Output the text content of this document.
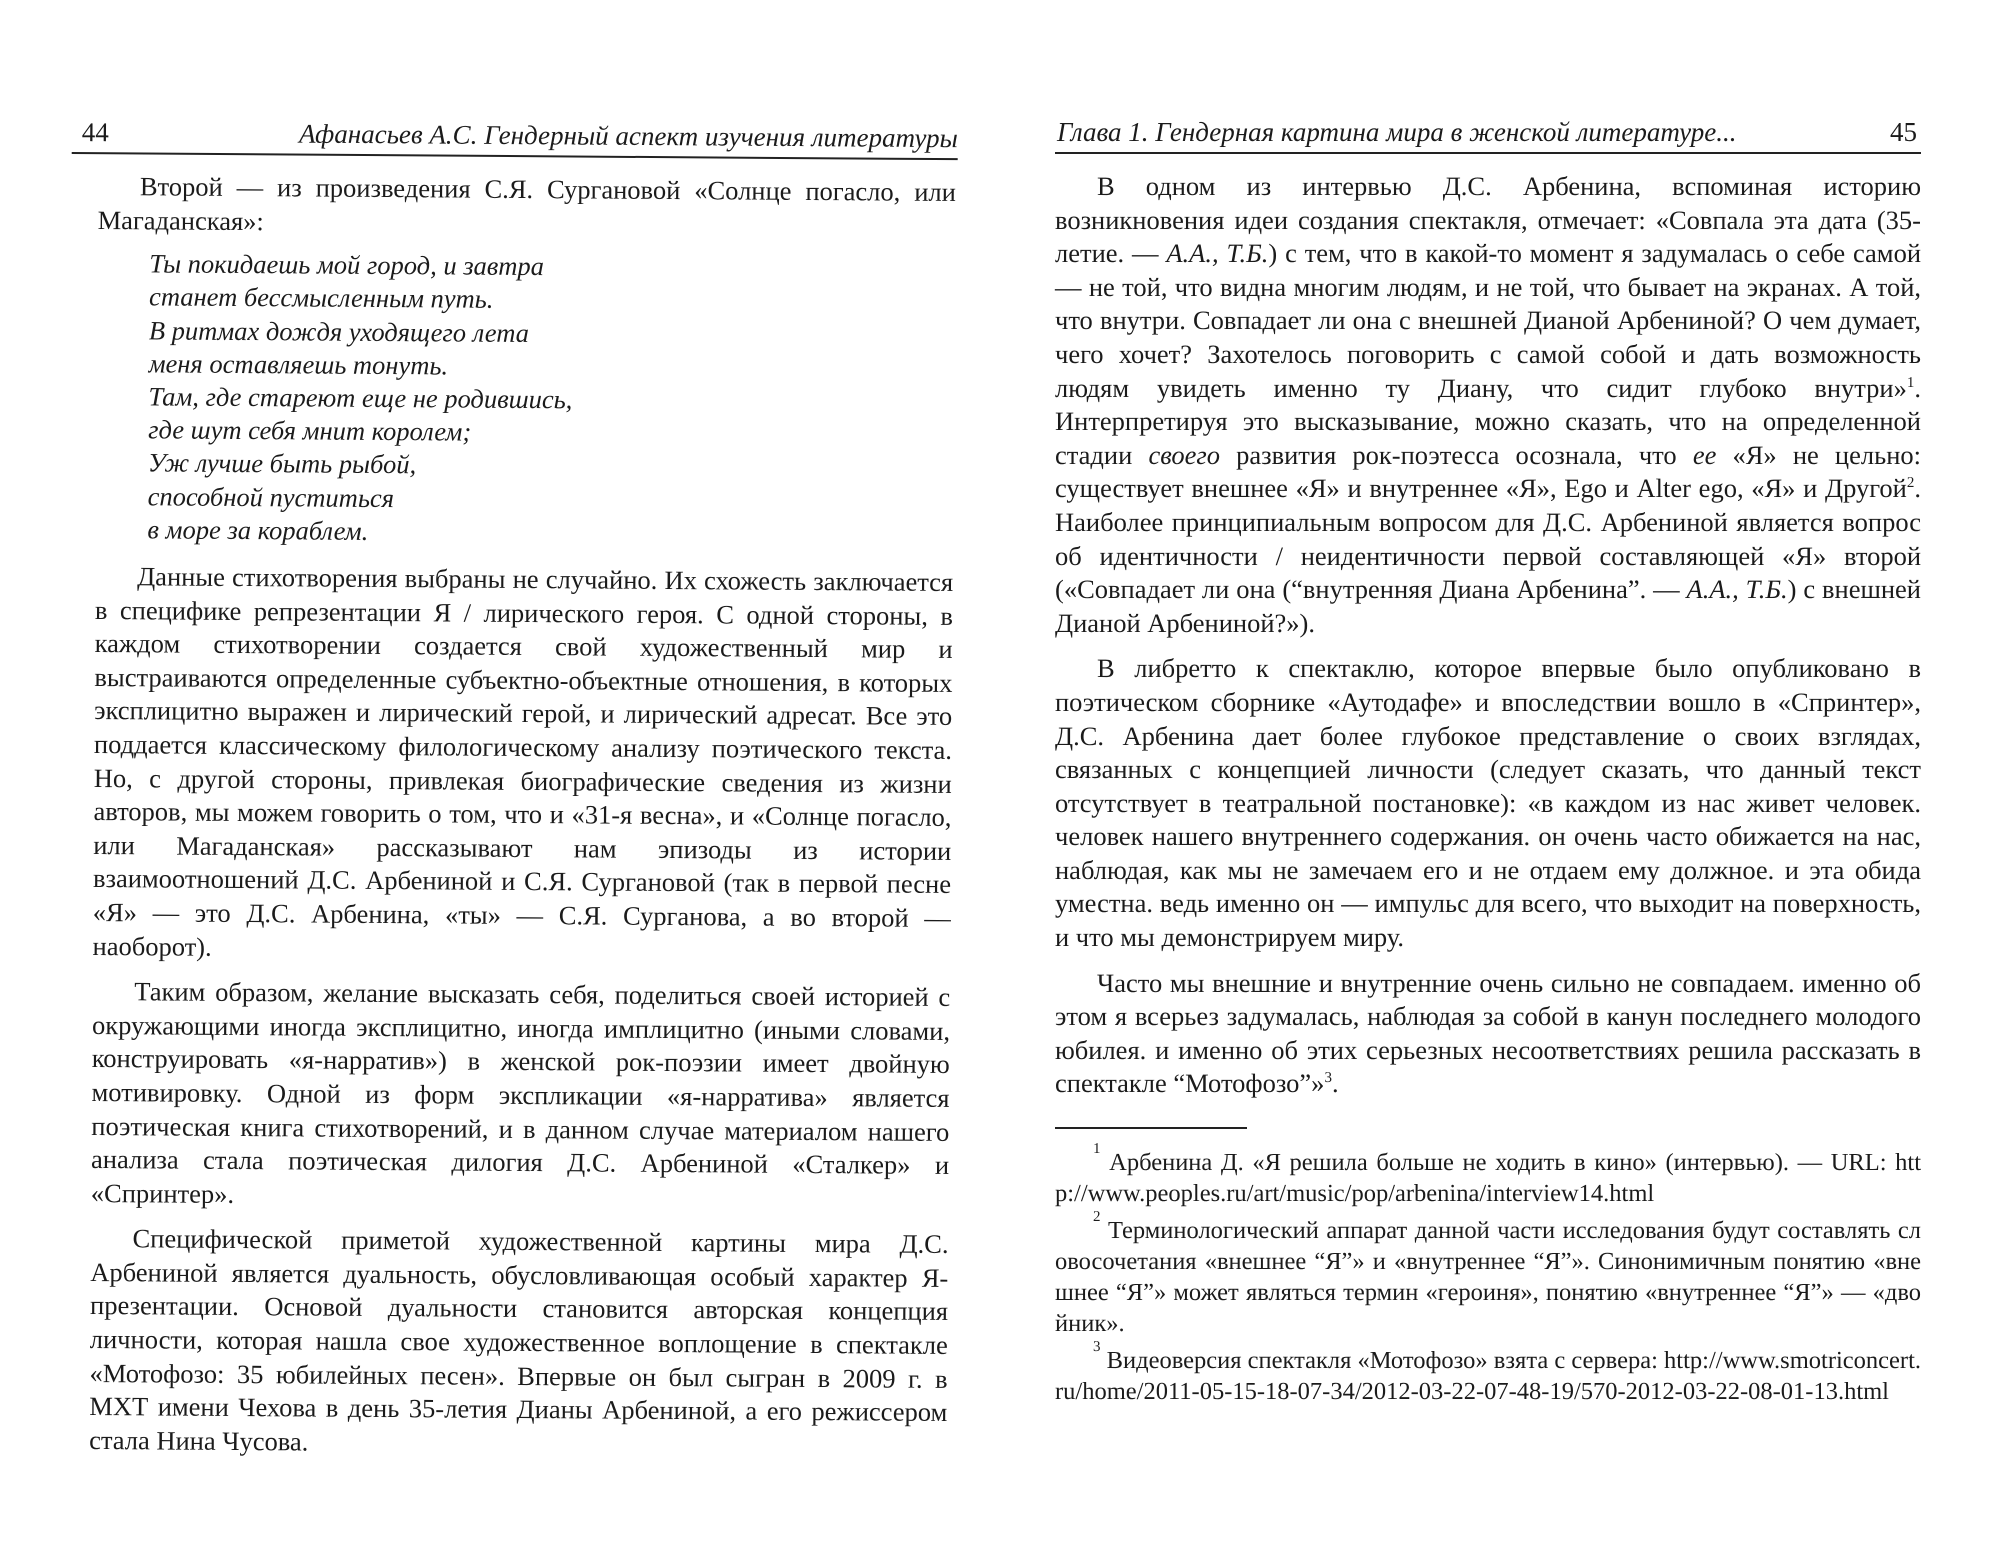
44	Афанасьев А.С. Гендерный аспект изучения литературы

Второй — из произведения С.Я. Сургановой «Солнце погасло, или Магаданская»:

Ты покидаешь мой город, и завтра
станет бессмысленным путь.
В ритмах дождя уходящего лета
меня оставляешь тонуть.
Там, где стареют еще не родившись,
где шут себя мнит королем;
Уж лучше быть рыбой,
способной пуститься
в море за кораблем.

Данные стихотворения выбраны не случайно. Их схожесть заключается в специфике репрезентации Я / лирического героя. С одной стороны, в каждом стихотворении создается свой художественный мир и выстраиваются определенные субъектно-объектные отношения, в которых эксплицитно выражен и лирический герой, и лирический адресат. Все это поддается классическому филологическому анализу поэтического текста. Но, с другой стороны, привлекая биографические сведения из жизни авторов, мы можем говорить о том, что и «31-я весна», и «Солнце погасло, или Магаданская» рассказывают нам эпизоды из истории взаимоотношений Д.С. Арбениной и С.Я. Сургановой (так в первой песне «Я» — это Д.С. Арбенина, «ты» — С.Я. Сурганова, а во второй — наоборот).

Таким образом, желание высказать себя, поделиться своей историей с окружающими иногда эксплицитно, иногда имплицитно (иными словами, конструировать «я-нарратив») в женской рок-поэзии имеет двойную мотивировку. Одной из форм экспликации «я-нарратива» является поэтическая книга стихотворений, и в данном случае материалом нашего анализа стала поэтическая дилогия Д.С. Арбениной «Сталкер» и «Спринтер».

Специфической приметой художественной картины мира Д.С. Арбениной является дуальность, обусловливающая особый характер Я-презентации. Основой дуальности становится авторская концепция личности, которая нашла свое художественное воплощение в спектакле «Мотофозо: 35 юбилейных песен». Впервые он был сыгран в 2009 г. в МХТ имени Чехова в день 35-летия Дианы Арбениной, а его режиссером стала Нина Чусова.

Глава 1. Гендерная картина мира в женской литературе...	45

В одном из интервью Д.С. Арбенина, вспоминая историю возникновения идеи создания спектакля, отмечает: «Совпала эта дата (35-летие. — А.А., Т.Б.) с тем, что в какой-то момент я задумалась о себе самой — не той, что видна многим людям, и не той, что бывает на экранах. А той, что внутри. Совпадает ли она с внешней Дианой Арбениной? О чем думает, чего хочет? Захотелось поговорить с самой собой и дать возможность людям увидеть именно ту Диану, что сидит глубоко внутри»$^1$. Интерпретируя это высказывание, можно сказать, что на определенной стадии своего развития рок-поэтесса осознала, что ее «Я» не цельно: существует внешнее «Я» и внутреннее «Я», Ego и Alter ego, «Я» и Другой$^2$. Наиболее принципиальным вопросом для Д.С. Арбениной является вопрос об идентичности / неидентичности первой составляющей «Я» второй («Совпадает ли она (“внутренняя Диана Арбенина”. — А.А., Т.Б.) с внешней Дианой Арбениной?»).

В либретто к спектаклю, которое впервые было опубликовано в поэтическом сборнике «Аутодафе» и впоследствии вошло в «Спринтер», Д.С. Арбенина дает более глубокое представление о своих взглядах, связанных с концепцией личности (следует сказать, что данный текст отсутствует в театральной постановке): «в каждом из нас живет человек. человек нашего внутреннего содержания. он очень часто обижается на нас, наблюдая, как мы не замечаем его и не отдаем ему должное. и эта обида уместна. ведь именно он — импульс для всего, что выходит на поверхность, и что мы демонстрируем миру.

Часто мы внешние и внутренние очень сильно не совпадаем. именно об этом я всерьез задумалась, наблюдая за собой в канун последнего молодого юбилея. и именно об этих серьезных несоответствиях решила рассказать в спектакле “Мотофозо”»$^3$.

$^1$ Арбенина Д. «Я решила больше не ходить в кино» (интервью). — URL: http://www.peoples.ru/art/music/pop/arbenina/interview14.html

$^2$ Терминологический аппарат данной части исследования будут составлять словосочетания «внешнее “Я”» и «внутреннее “Я”». Синонимичным понятию «внешнее “Я”» может являться термин «героиня», понятию «внутреннее “Я”» — «двойник».

$^3$ Видеоверсия спектакля «Мотофозо» взята с сервера: http://www.smotriconcert.ru/home/2011-05-15-18-07-34/2012-03-22-07-48-19/570-2012-03-22-08-01-13.html
